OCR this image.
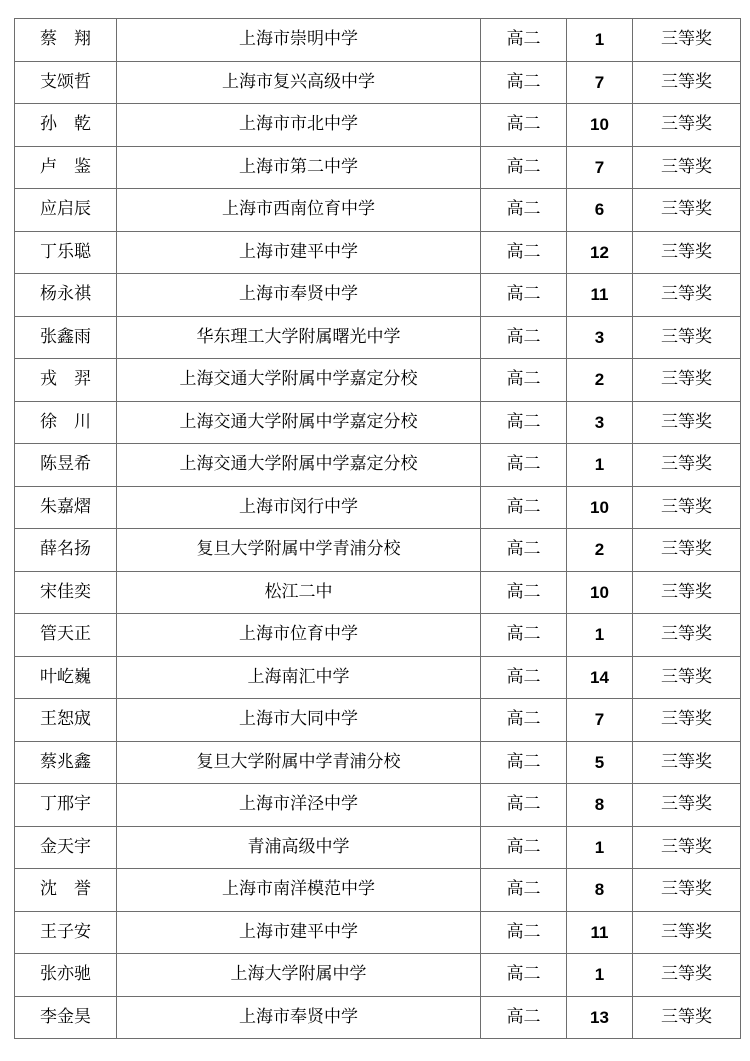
蔡　翔	上海市崇明中学	高二	1	三等奖
支颂哲	上海市复兴高级中学	高二	7	三等奖
孙　乾	上海市市北中学	高二	10	三等奖
卢　鉴	上海市第二中学	高二	7	三等奖
应启辰	上海市西南位育中学	高二	6	三等奖
丁乐聪	上海市建平中学	高二	12	三等奖
杨永祺	上海市奉贤中学	高二	11	三等奖
张鑫雨	华东理工大学附属曙光中学	高二	3	三等奖
戎　羿	上海交通大学附属中学嘉定分校	高二	2	三等奖
徐　川	上海交通大学附属中学嘉定分校	高二	3	三等奖
陈昱希	上海交通大学附属中学嘉定分校	高二	1	三等奖
朱嘉熠	上海市闵行中学	高二	10	三等奖
薛名扬	复旦大学附属中学青浦分校	高二	2	三等奖
宋佳奕	松江二中	高二	10	三等奖
管天正	上海市位育中学	高二	1	三等奖
叶屹巍	上海南汇中学	高二	14	三等奖
王恕宬	上海市大同中学	高二	7	三等奖
蔡兆鑫	复旦大学附属中学青浦分校	高二	5	三等奖
丁邢宇	上海市洋泾中学	高二	8	三等奖
金天宇	青浦高级中学	高二	1	三等奖
沈　誉	上海市南洋模范中学	高二	8	三等奖
王子安	上海市建平中学	高二	11	三等奖
张亦驰	上海大学附属中学	高二	1	三等奖
李金昊	上海市奉贤中学	高二	13	三等奖
